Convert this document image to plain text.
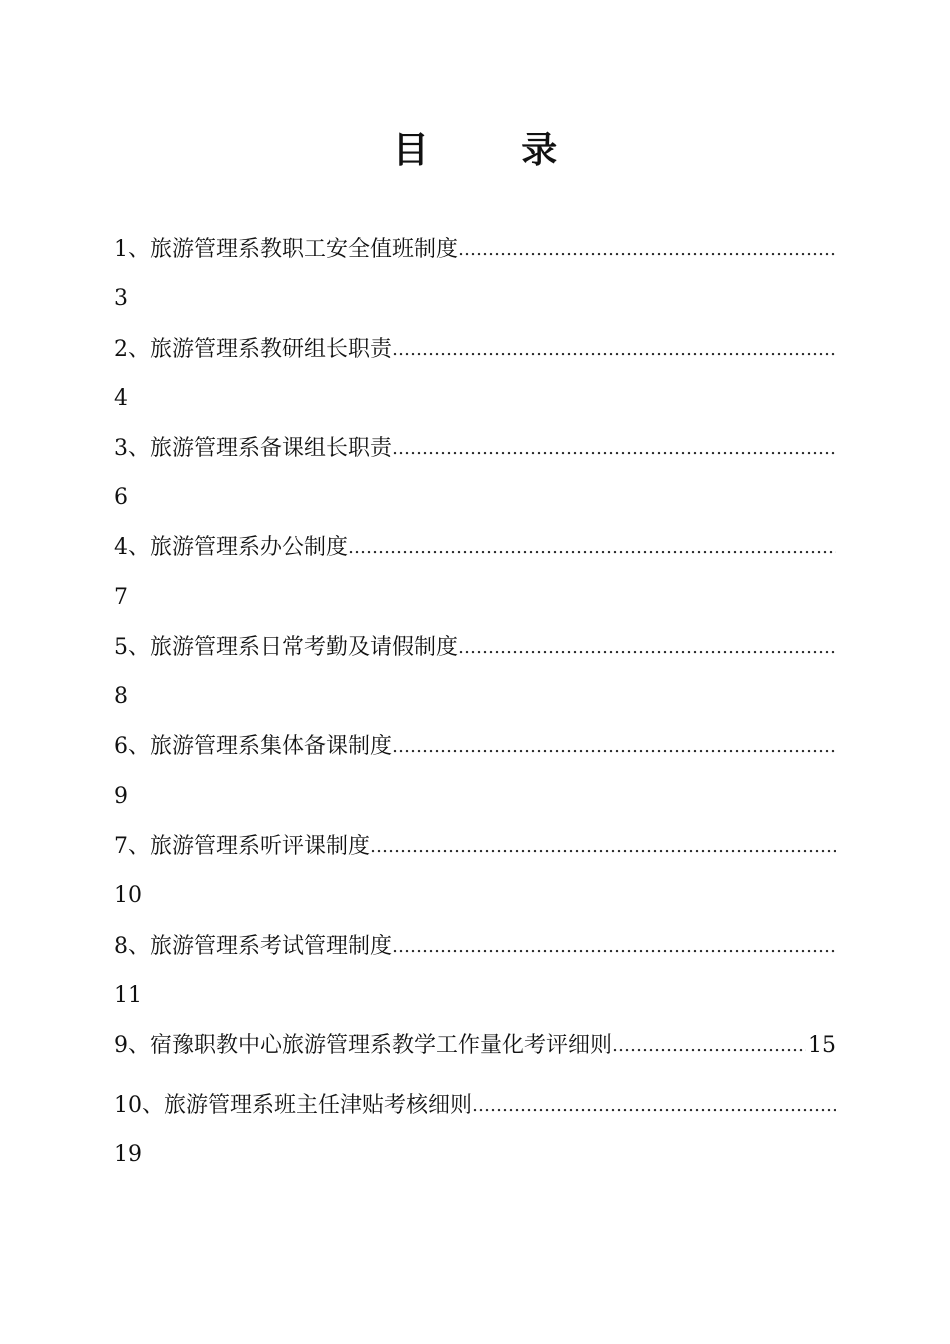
目 录
1、 旅游管理系教职工安全值班制度
…………………………………………………………………………………………………………………………………………
3
2、 旅游管理系教研组长职责
…………………………………………………………………………………………………………………………………………
4
3、 旅游管理系备课组长职责
…………………………………………………………………………………………………………………………………………
6
4、 旅游管理系办公制度
…………………………………………………………………………………………………………………………………………
7
5、 旅游管理系日常考勤及请假制度
…………………………………………………………………………………………………………………………………………
8
6、 旅游管理系集体备课制度
…………………………………………………………………………………………………………………………………………
9
7、 旅游管理系听评课制度
…………………………………………………………………………………………………………………………………………
10
8、 旅游管理系考试管理制度
…………………………………………………………………………………………………………………………………………
11
9、 宿豫职教中心旅游管理系教学工作量化考评细则
…………………………………………………………………………………………………………………………………………	15
10、 旅游管理系班主任津贴考核细则
…………………………………………………………………………………………………………………………………………
19
